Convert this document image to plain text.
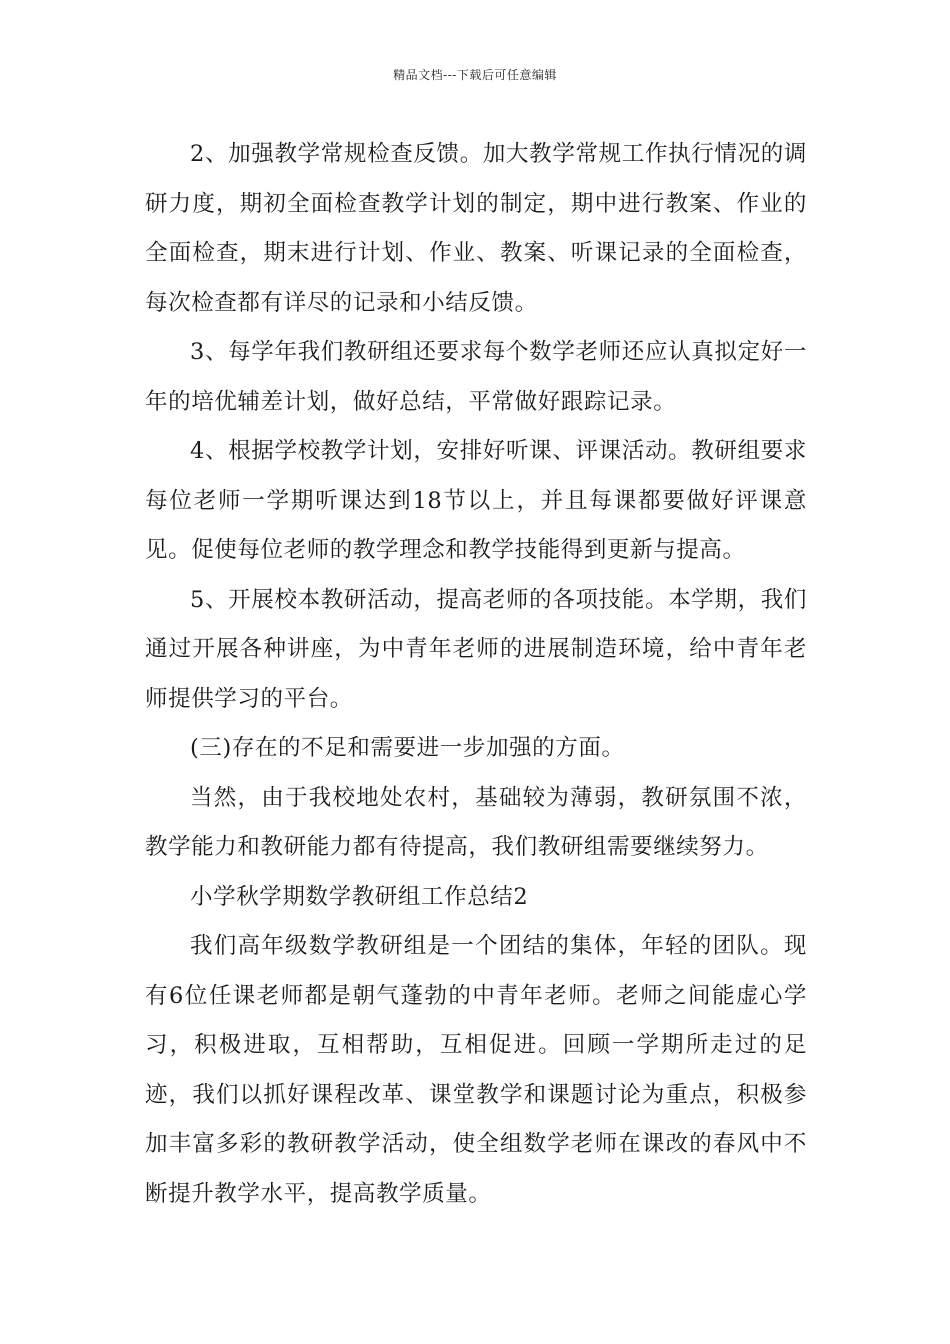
精品文档---下载后可任意编辑

2、加强教学常规检查反馈。加大教学常规工作执行情况的调研力度，期初全面检查教学计划的制定，期中进行教案、作业的全面检查，期末进行计划、作业、教案、听课记录的全面检查，每次检查都有详尽的记录和小结反馈。

3、每学年我们教研组还要求每个数学老师还应认真拟定好一年的培优辅差计划，做好总结，平常做好跟踪记录。

4、根据学校教学计划，安排好听课、评课活动。教研组要求每位老师一学期听课达到18节以上，并且每课都要做好评课意见。促使每位老师的教学理念和教学技能得到更新与提高。

5、开展校本教研活动，提高老师的各项技能。本学期，我们通过开展各种讲座，为中青年老师的进展制造环境，给中青年老师提供学习的平台。

(三)存在的不足和需要进一步加强的方面。

当然，由于我校地处农村，基础较为薄弱，教研氛围不浓，教学能力和教研能力都有待提高，我们教研组需要继续努力。

小学秋学期数学教研组工作总结2

我们高年级数学教研组是一个团结的集体，年轻的团队。现有6位任课老师都是朝气蓬勃的中青年老师。老师之间能虚心学习，积极进取，互相帮助，互相促进。回顾一学期所走过的足迹，我们以抓好课程改革、课堂教学和课题讨论为重点，积极参加丰富多彩的教研教学活动，使全组数学老师在课改的春风中不断提升教学水平，提高教学质量。
